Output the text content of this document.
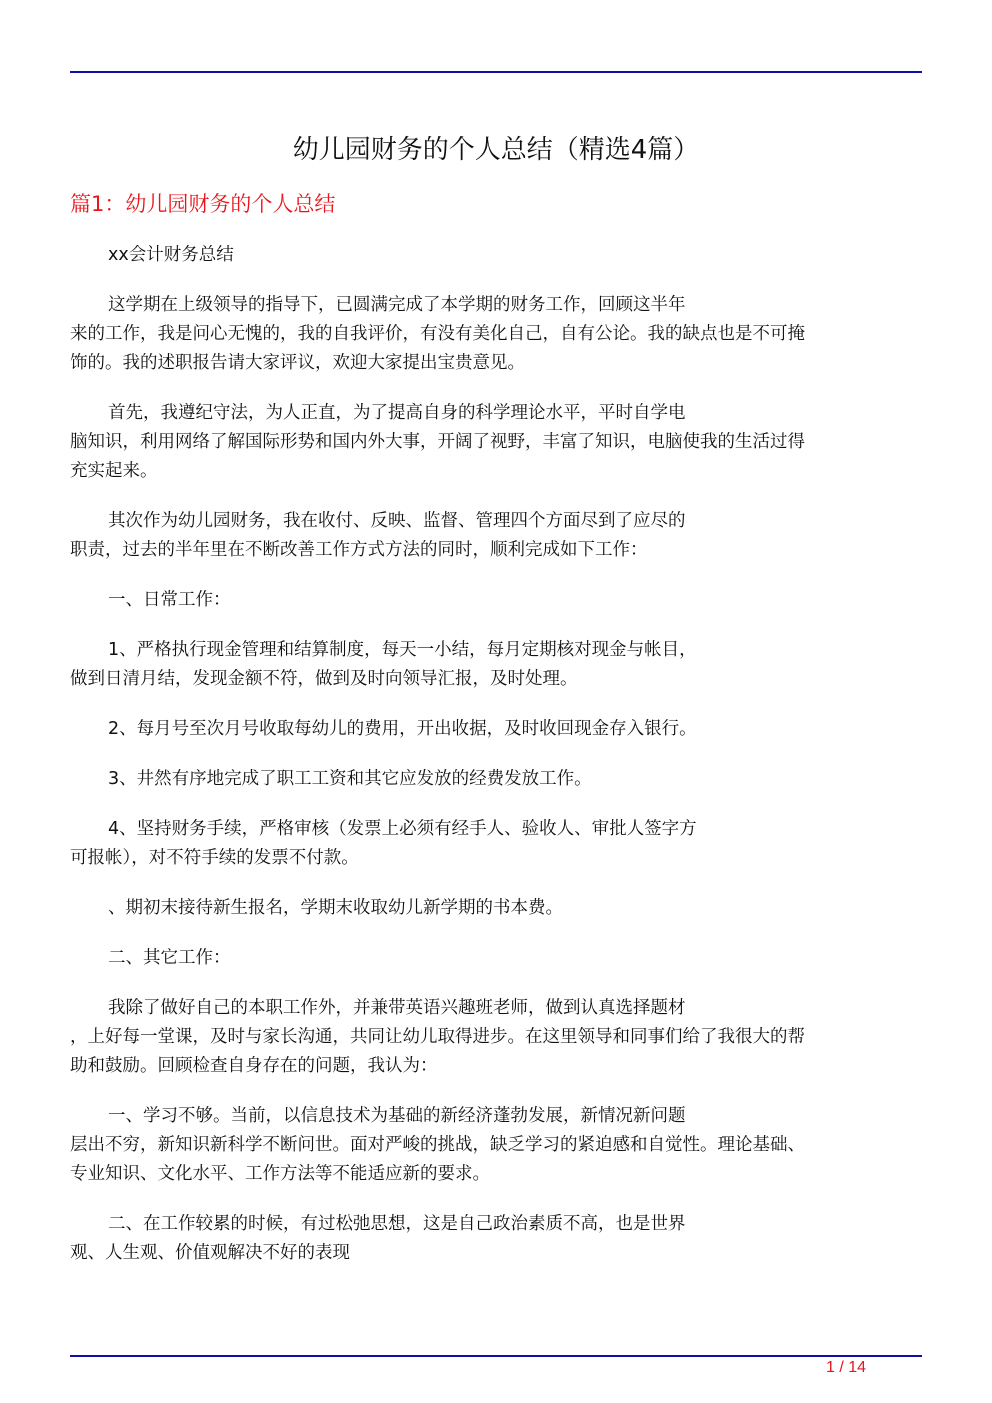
幼儿园财务的个人总结（精选4篇）
篇1：幼儿园财务的个人总结
xx会计财务总结
这学期在上级领导的指导下，已圆满完成了本学期的财务工作，回顾这半年
来的工作，我是问心无愧的，我的自我评价，有没有美化自己，自有公论。我的缺点也是不可掩
饰的。我的述职报告请大家评议，欢迎大家提出宝贵意见。
首先，我遵纪守法，为人正直，为了提高自身的科学理论水平，平时自学电
脑知识，利用网络了解国际形势和国内外大事，开阔了视野，丰富了知识，电脑使我的生活过得
充实起来。
其次作为幼儿园财务，我在收付、反映、监督、管理四个方面尽到了应尽的
职责，过去的半年里在不断改善工作方式方法的同时，顺利完成如下工作：
一、日常工作：
1、严格执行现金管理和结算制度，每天一小结，每月定期核对现金与帐目，
做到日清月结，发现金额不符，做到及时向领导汇报，及时处理。
2、每月号至次月号收取每幼儿的费用，开出收据，及时收回现金存入银行。
3、井然有序地完成了职工工资和其它应发放的经费发放工作。
4、坚持财务手续，严格审核（发票上必须有经手人、验收人、审批人签字方
可报帐），对不符手续的发票不付款。
、期初末接待新生报名，学期末收取幼儿新学期的书本费。
二、其它工作：
我除了做好自己的本职工作外，并兼带英语兴趣班老师，做到认真选择题材
，上好每一堂课，及时与家长沟通，共同让幼儿取得进步。在这里领导和同事们给了我很大的帮
助和鼓励。回顾检查自身存在的问题，我认为：
一、学习不够。当前，以信息技术为基础的新经济蓬勃发展，新情况新问题
层出不穷，新知识新科学不断问世。面对严峻的挑战，缺乏学习的紧迫感和自觉性。理论基础、
专业知识、文化水平、工作方法等不能适应新的要求。
二、在工作较累的时候，有过松弛思想，这是自己政治素质不高，也是世界
观、人生观、价值观解决不好的表现
1 / 14
